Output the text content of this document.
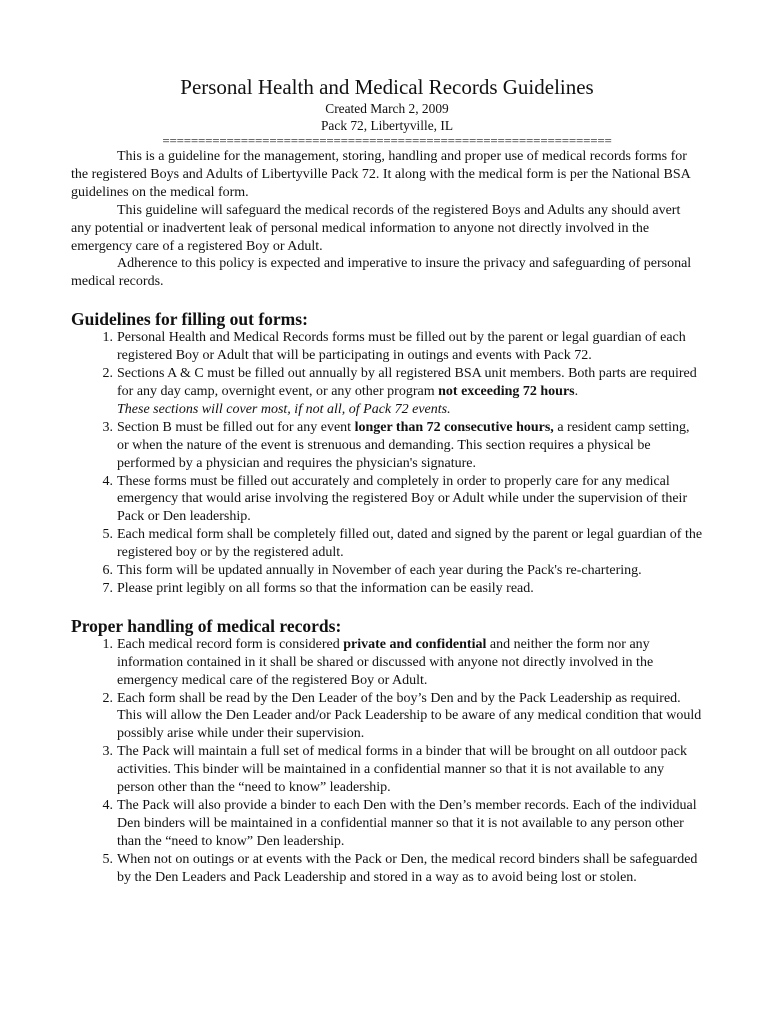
Personal Health and Medical Records Guidelines

Created March 2, 2009

Pack 72, Libertyville, IL

===============================================================

This is a guideline for the management, storing, handling and proper use of medical records forms for the registered Boys and Adults of Libertyville Pack 72. It along with the medical form is per the National BSA guidelines on the medical form.

This guideline will safeguard the medical records of the registered Boys and Adults any should avert any potential or inadvertent leak of personal medical information to anyone not directly involved in the emergency care of a registered Boy or Adult.

Adherence to this policy is expected and imperative to insure the privacy and safeguarding of personal medical records.

Guidelines for filling out forms:
1. Personal Health and Medical Records forms must be filled out by the parent or legal guardian of each registered Boy or Adult that will be participating in outings and events with Pack 72.
2. Sections A & C must be filled out annually by all registered BSA unit members. Both parts are required for any day camp, overnight event, or any other program not exceeding 72 hours.
These sections will cover most, if not all, of Pack 72 events.
3. Section B must be filled out for any event longer than 72 consecutive hours, a resident camp setting, or when the nature of the event is strenuous and demanding. This section requires a physical be performed by a physician and requires the physician's signature.
4. These forms must be filled out accurately and completely in order to properly care for any medical emergency that would arise involving the registered Boy or Adult while under the supervision of their Pack or Den leadership.
5. Each medical form shall be completely filled out, dated and signed by the parent or legal guardian of the registered boy or by the registered adult.
6. This form will be updated annually in November of each year during the Pack's re-chartering.
7. Please print legibly on all forms so that the information can be easily read.
Proper handling of medical records:
1. Each medical record form is considered private and confidential and neither the form nor any information contained in it shall be shared or discussed with anyone not directly involved in the emergency medical care of the registered Boy or Adult.
2. Each form shall be read by the Den Leader of the boy’s Den and by the Pack Leadership as required. This will allow the Den Leader and/or Pack Leadership to be aware of any medical condition that would possibly arise while under their supervision.
3. The Pack will maintain a full set of medical forms in a binder that will be brought on all outdoor pack activities. This binder will be maintained in a confidential manner so that it is not available to any person other than the “need to know” leadership.
4. The Pack will also provide a binder to each Den with the Den’s member records. Each of the individual Den binders will be maintained in a confidential manner so that it is not available to any person other than the “need to know” Den leadership.
5. When not on outings or at events with the Pack or Den, the medical record binders shall be safeguarded by the Den Leaders and Pack Leadership and stored in a way as to avoid being lost or stolen.
